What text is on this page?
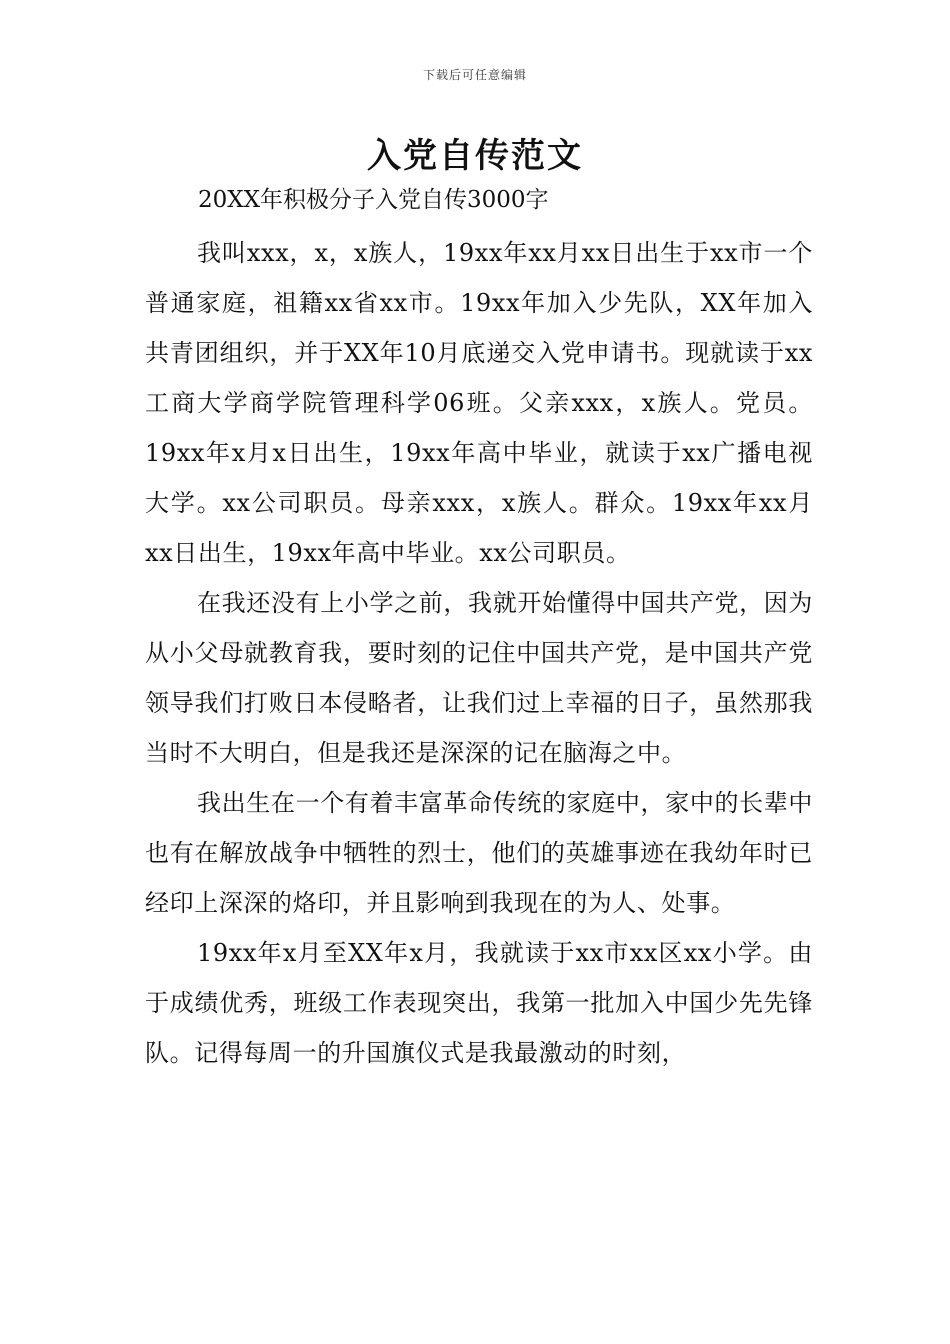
下载后可任意编辑
入党自传范文

20XX年积极分子入党自传3000字

我叫xxx，x，x族人，19xx年xx月xx日出生于xx市一个普通家庭，祖籍xx省xx市。19xx年加入少先队，XX年加入共青团组织，并于XX年10月底递交入党申请书。现就读于xx工商大学商学院管理科学06班。父亲xxx，x族人。党员。19xx年x月x日出生，19xx年高中毕业，就读于xx广播电视大学。xx公司职员。母亲xxx，x族人。群众。19xx年xx月xx日出生，19xx年高中毕业。xx公司职员。

在我还没有上小学之前，我就开始懂得中国共产党，因为从小父母就教育我，要时刻的记住中国共产党，是中国共产党领导我们打败日本侵略者，让我们过上幸福的日子，虽然那我当时不大明白，但是我还是深深的记在脑海之中。

我出生在一个有着丰富革命传统的家庭中，家中的长辈中也有在解放战争中牺牲的烈士，他们的英雄事迹在我幼年时已经印上深深的烙印，并且影响到我现在的为人、处事。

19xx年x月至XX年x月，我就读于xx市xx区xx小学。由于成绩优秀，班级工作表现突出，我第一批加入中国少先先锋队。记得每周一的升国旗仪式是我最激动的时刻，
